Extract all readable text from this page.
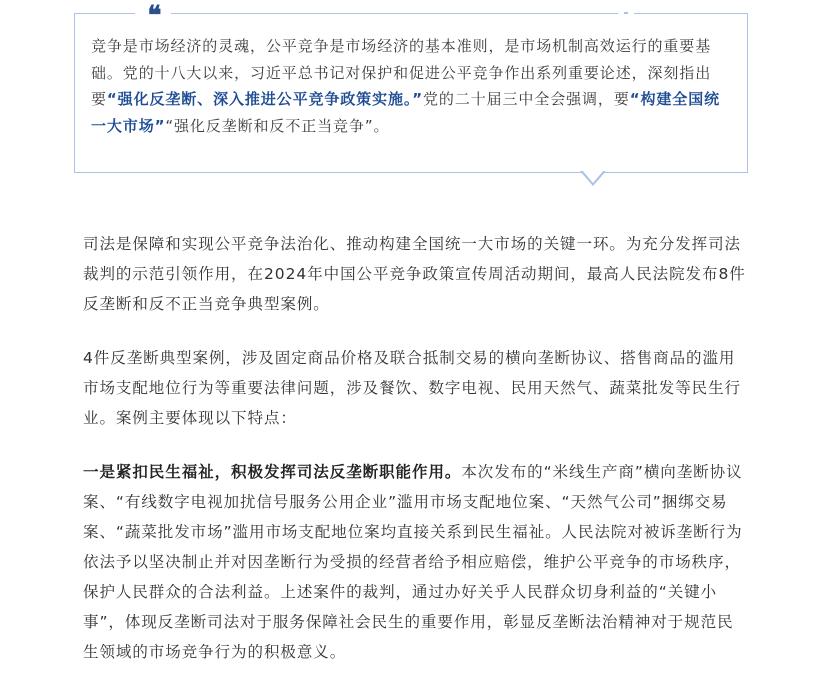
❝

竞争是市场经济的灵魂，公平竞争是市场经济的基本准则，是市场机制高效运行的重要基础。党的十八大以来，习近平总书记对保护和促进公平竞争作出系列重要论述，深刻指出要“强化反垄断、深入推进公平竞争政策实施。”党的二十届三中全会强调，要“构建全国统一大市场”“强化反垄断和反不正当竞争”。

司法是保障和实现公平竞争法治化、推动构建全国统一大市场的关键一环。为充分发挥司法裁判的示范引领作用，在2024年中国公平竞争政策宣传周活动期间，最高人民法院发布8件反垄断和反不正当竞争典型案例。

4件反垄断典型案例，涉及固定商品价格及联合抵制交易的横向垄断协议、搭售商品的滥用市场支配地位行为等重要法律问题，涉及餐饮、数字电视、民用天然气、蔬菜批发等民生行业。案例主要体现以下特点：

一是紧扣民生福祉，积极发挥司法反垄断职能作用。本次发布的“米线生产商”横向垄断协议案、“有线数字电视加扰信号服务公用企业”滥用市场支配地位案、“天然气公司”捆绑交易案、“蔬菜批发市场”滥用市场支配地位案均直接关系到民生福祉。人民法院对被诉垄断行为依法予以坚决制止并对因垄断行为受损的经营者给予相应赔偿，维护公平竞争的市场秩序，保护人民群众的合法利益。上述案件的裁判，通过办好关乎人民群众切身利益的“关键小事”，体现反垄断司法对于服务保障社会民生的重要作用，彰显反垄断法治精神对于规范民生领域的市场竞争行为的积极意义。
